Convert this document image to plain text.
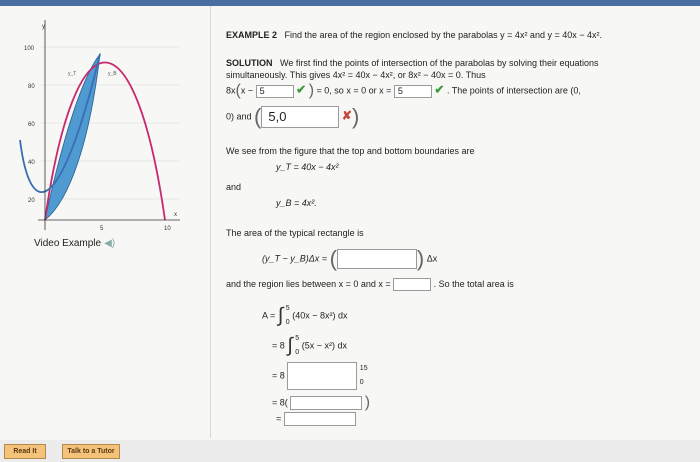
100
80
60
40
20
5	10
y
x
y_T	y_B
Video Example ◀)
EXAMPLE 2 Find the area of the region enclosed by the parabolas y = 4x² and y = 40x − 4x².
SOLUTION We first find the points of intersection of the parabolas by solving their equations
simultaneously. This gives 4x² = 40x − 4x², or 8x² − 40x = 0. Thus
8x(x − 5	✔ ) = 0, so x = 0 or x = 5	✔ . The points of intersection are (0,
0) and ( 5,0	✘)
We see from the figure that the top and bottom boundaries are
y_T = 40x − 4x²
and
y_B = 4x².
The area of the typical rectangle is
(y_T − y_B)Δx = (	) Δx
and the region lies between x = 0 and x =	. So the total area is
A = ∫ 5
0 (40x − 8x²) dx
= 8 ∫ 5
0 (5x − x²) dx
= 8  15
0
= 8(	)
=
Read It	Talk to a Tutor
